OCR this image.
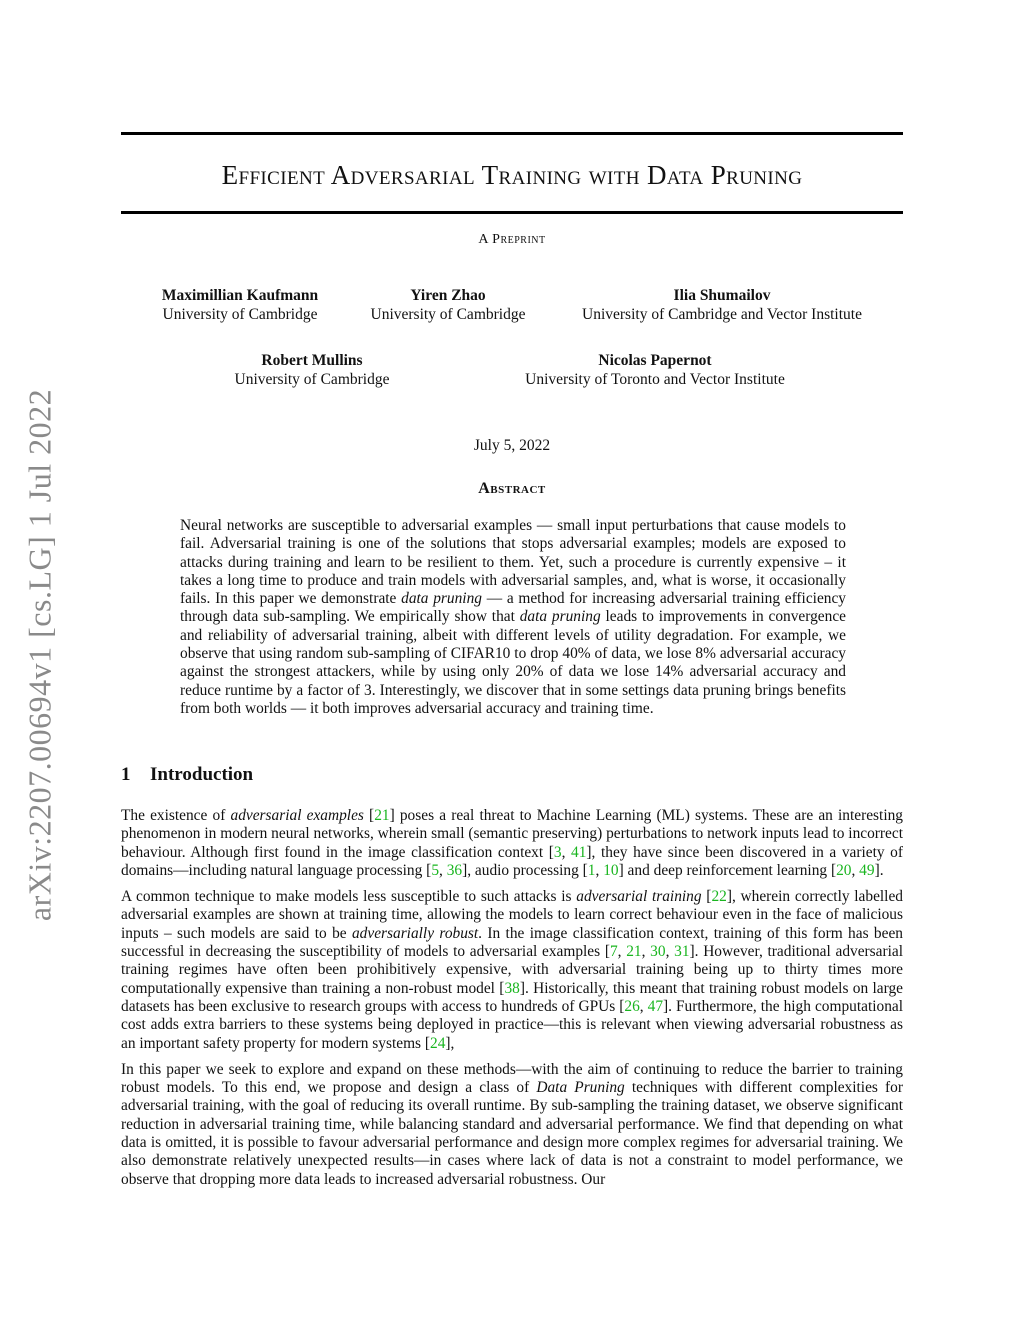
arXiv:2207.00694v1 [cs.LG] 1 Jul 2022
Efficient Adversarial Training with Data Pruning
A Preprint
Maximillian Kaufmann
University of Cambridge
Yiren Zhao
University of Cambridge
Ilia Shumailov
University of Cambridge and Vector Institute
Robert Mullins
University of Cambridge
Nicolas Papernot
University of Toronto and Vector Institute
July 5, 2022
Abstract

Neural networks are susceptible to adversarial examples — small input perturbations that cause models to fail. Adversarial training is one of the solutions that stops adversarial examples; models are exposed to attacks during training and learn to be resilient to them. Yet, such a procedure is currently expensive – it takes a long time to produce and train models with adversarial samples, and, what is worse, it occasionally fails. In this paper we demonstrate data pruning — a method for increasing adversarial training efficiency through data sub-sampling. We empirically show that data pruning leads to improvements in convergence and reliability of adversarial training, albeit with different levels of utility degradation. For example, we observe that using random sub-sampling of CIFAR10 to drop 40% of data, we lose 8% adversarial accuracy against the strongest attackers, while by using only 20% of data we lose 14% adversarial accuracy and reduce runtime by a factor of 3. Interestingly, we discover that in some settings data pruning brings benefits from both worlds — it both improves adversarial accuracy and training time.

1 Introduction

The existence of adversarial examples [21] poses a real threat to Machine Learning (ML) systems. These are an interesting phenomenon in modern neural networks, wherein small (semantic preserving) perturbations to network inputs lead to incorrect behaviour. Although first found in the image classification context [3, 41], they have since been discovered in a variety of domains—including natural language processing [5, 36], audio processing [1, 10] and deep reinforcement learning [20, 49].

A common technique to make models less susceptible to such attacks is adversarial training [22], wherein correctly labelled adversarial examples are shown at training time, allowing the models to learn correct behaviour even in the face of malicious inputs – such models are said to be adversarially robust. In the image classification context, training of this form has been successful in decreasing the susceptibility of models to adversarial examples [7, 21, 30, 31]. However, traditional adversarial training regimes have often been prohibitively expensive, with adversarial training being up to thirty times more computationally expensive than training a non-robust model [38]. Historically, this meant that training robust models on large datasets has been exclusive to research groups with access to hundreds of GPUs [26, 47]. Furthermore, the high computational cost adds extra barriers to these systems being deployed in practice—this is relevant when viewing adversarial robustness as an important safety property for modern systems [24],

In this paper we seek to explore and expand on these methods—with the aim of continuing to reduce the barrier to training robust models. To this end, we propose and design a class of Data Pruning techniques with different complexities for adversarial training, with the goal of reducing its overall runtime. By sub-sampling the training dataset, we observe significant reduction in adversarial training time, while balancing standard and adversarial performance. We find that depending on what data is omitted, it is possible to favour adversarial performance and design more complex regimes for adversarial training. We also demonstrate relatively unexpected results—in cases where lack of data is not a constraint to model performance, we observe that dropping more data leads to increased adversarial robustness. Our
